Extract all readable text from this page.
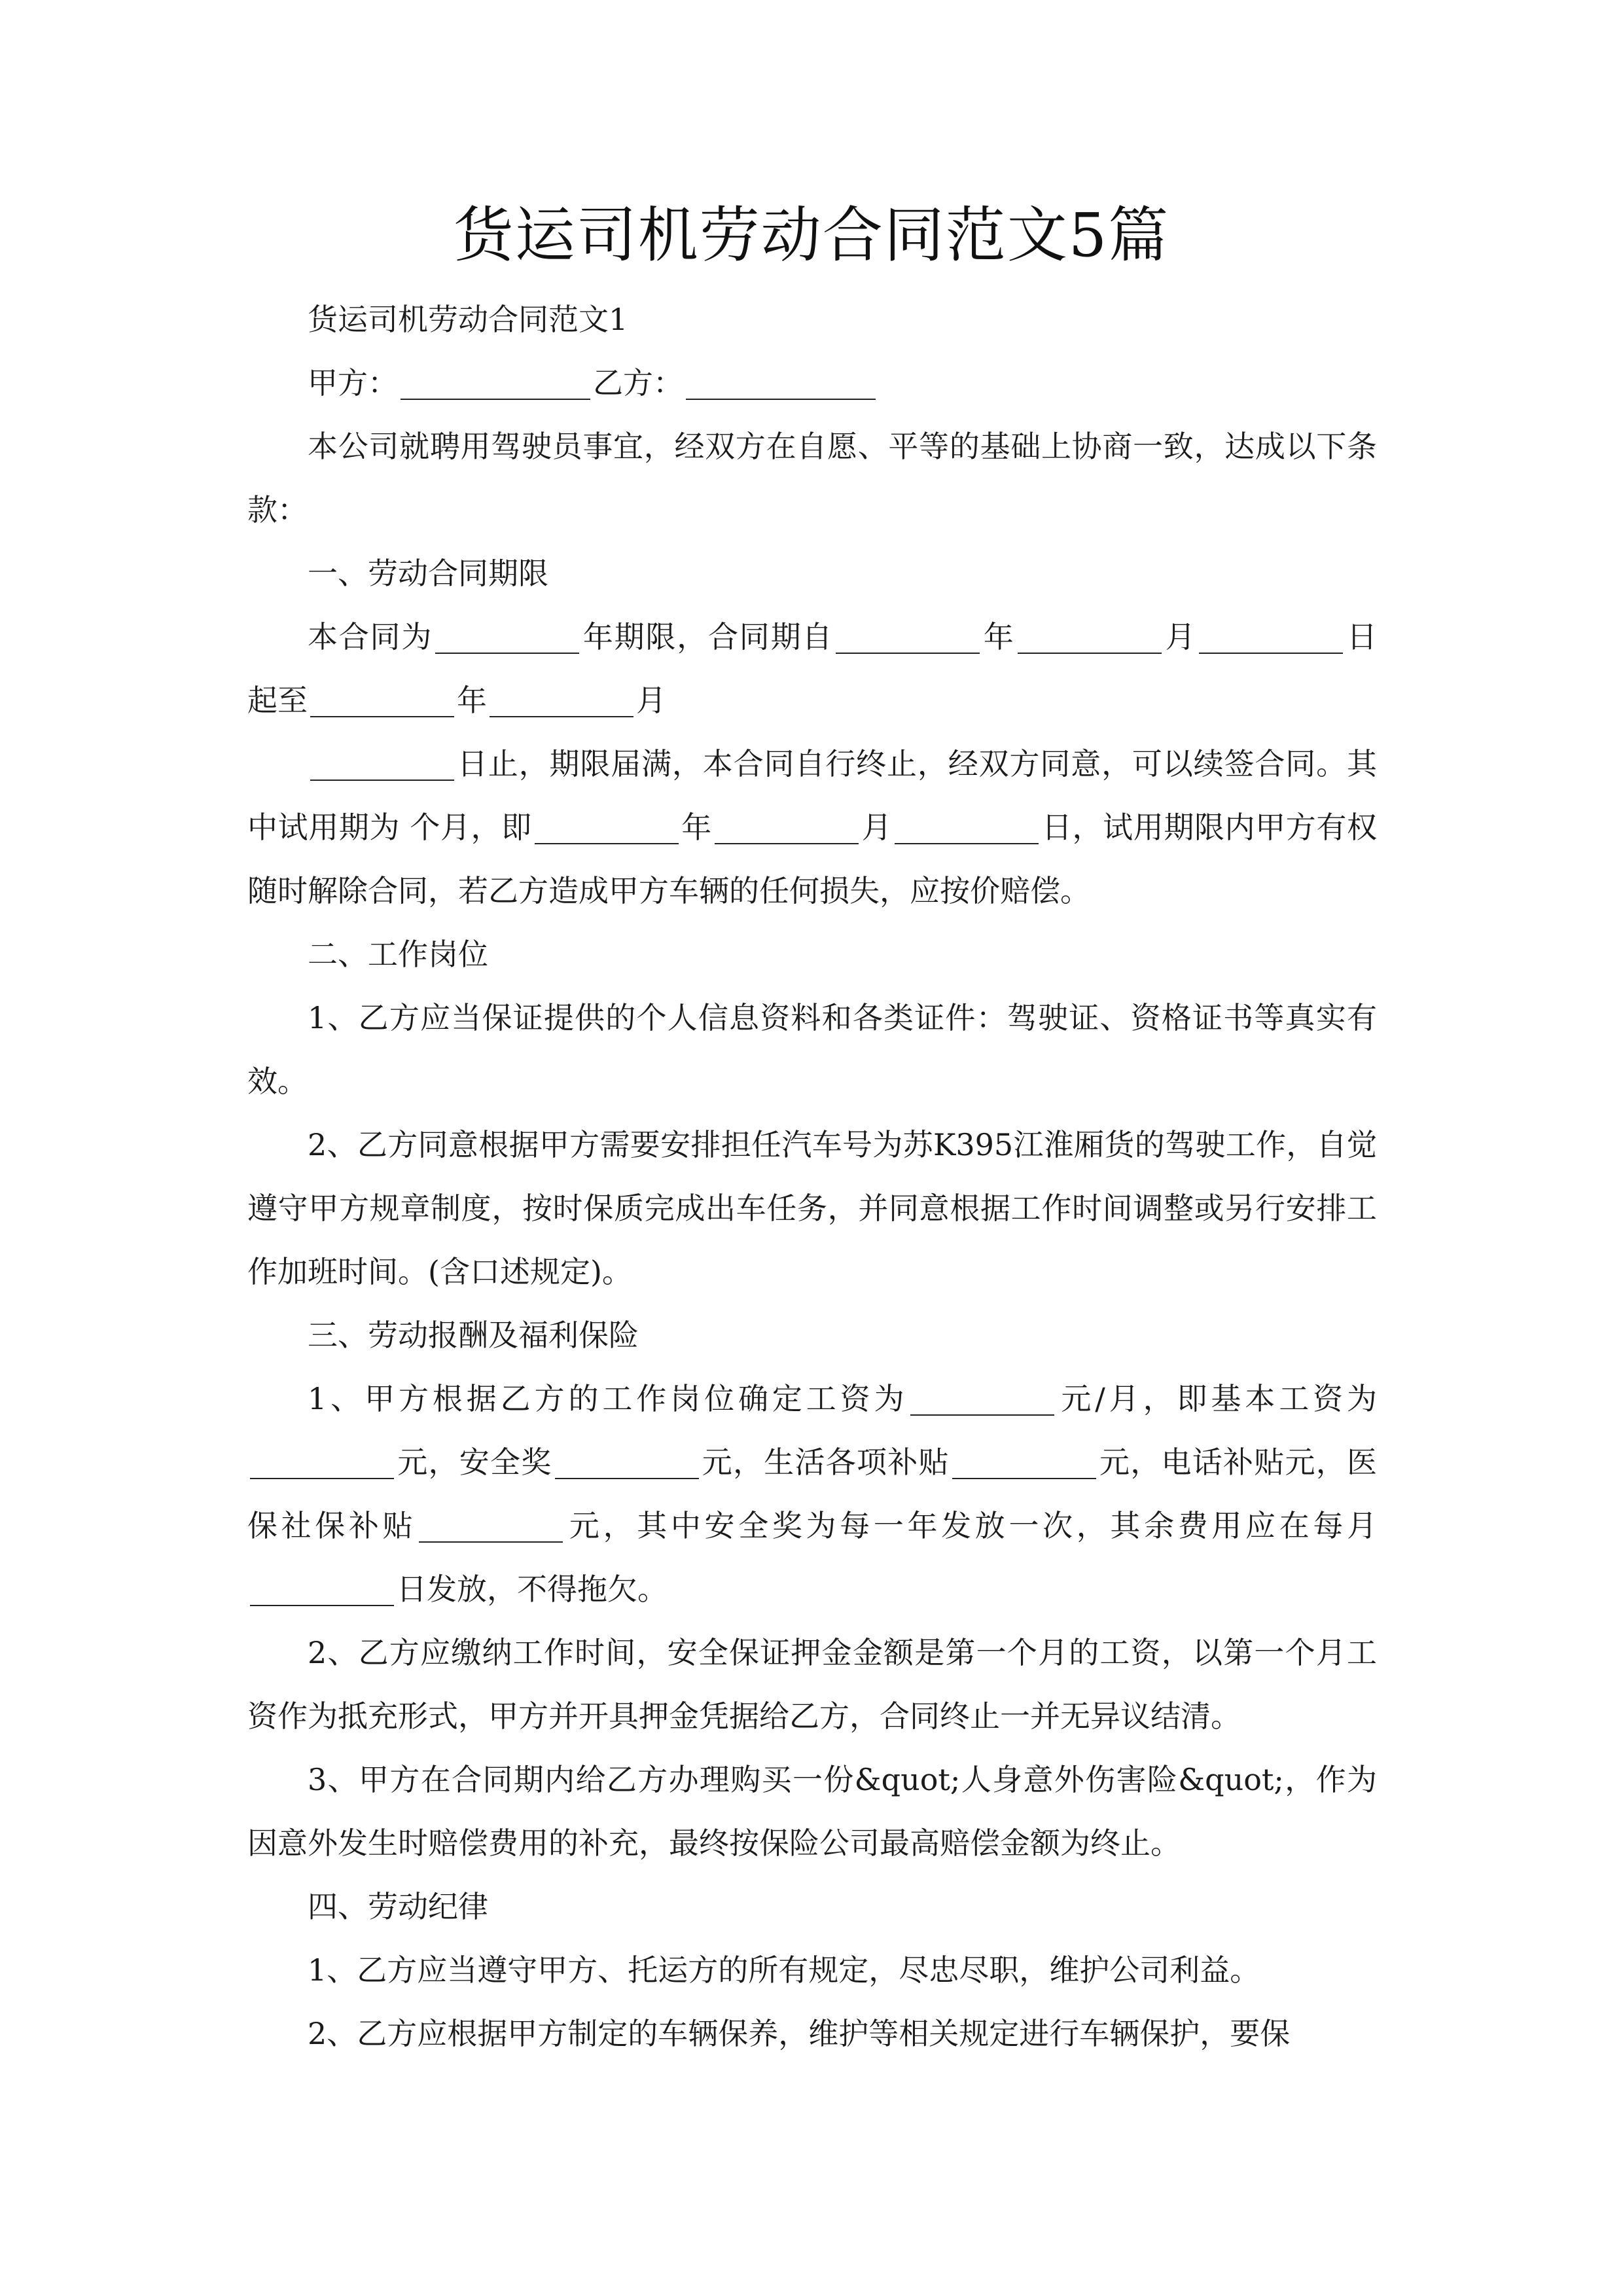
货运司机劳动合同范文5篇

货运司机劳动合同范文1

甲方：	乙方：

本公司就聘用驾驶员事宜，经双方在自愿、平等的基础上协商一致，达成以下条款：

一、劳动合同期限

本合同为	年期限，合同期自	年	月	日起至	年	月

日止，期限届满，本合同自行终止，经双方同意，可以续签合同。其中试用期为 个月，即	年	月	日，试用期限内甲方有权随时解除合同，若乙方造成甲方车辆的任何损失，应按价赔偿。

二、工作岗位

1、乙方应当保证提供的个人信息资料和各类证件：驾驶证、资格证书等真实有效。

2、乙方同意根据甲方需要安排担任汽车号为苏K395江淮厢货的驾驶工作，自觉遵守甲方规章制度，按时保质完成出车任务，并同意根据工作时间调整或另行安排工作加班时间。(含口述规定)。

三、劳动报酬及福利保险

1、甲方根据乙方的工作岗位确定工资为	元/月，即基本工资为元，安全奖	元，生活各项补贴	元，电话补贴元，医保社保补贴	元，其中安全奖为每一年发放一次，其余费用应在每月日发放，不得拖欠。

2、乙方应缴纳工作时间，安全保证押金金额是第一个月的工资，以第一个月工资作为抵充形式，甲方并开具押金凭据给乙方，合同终止一并无异议结清。

3、甲方在合同期内给乙方办理购买一份&quot;人身意外伤害险&quot;，作为因意外发生时赔偿费用的补充，最终按保险公司最高赔偿金额为终止。

四、劳动纪律

1、乙方应当遵守甲方、托运方的所有规定，尽忠尽职，维护公司利益。

2、乙方应根据甲方制定的车辆保养，维护等相关规定进行车辆保护，要保
